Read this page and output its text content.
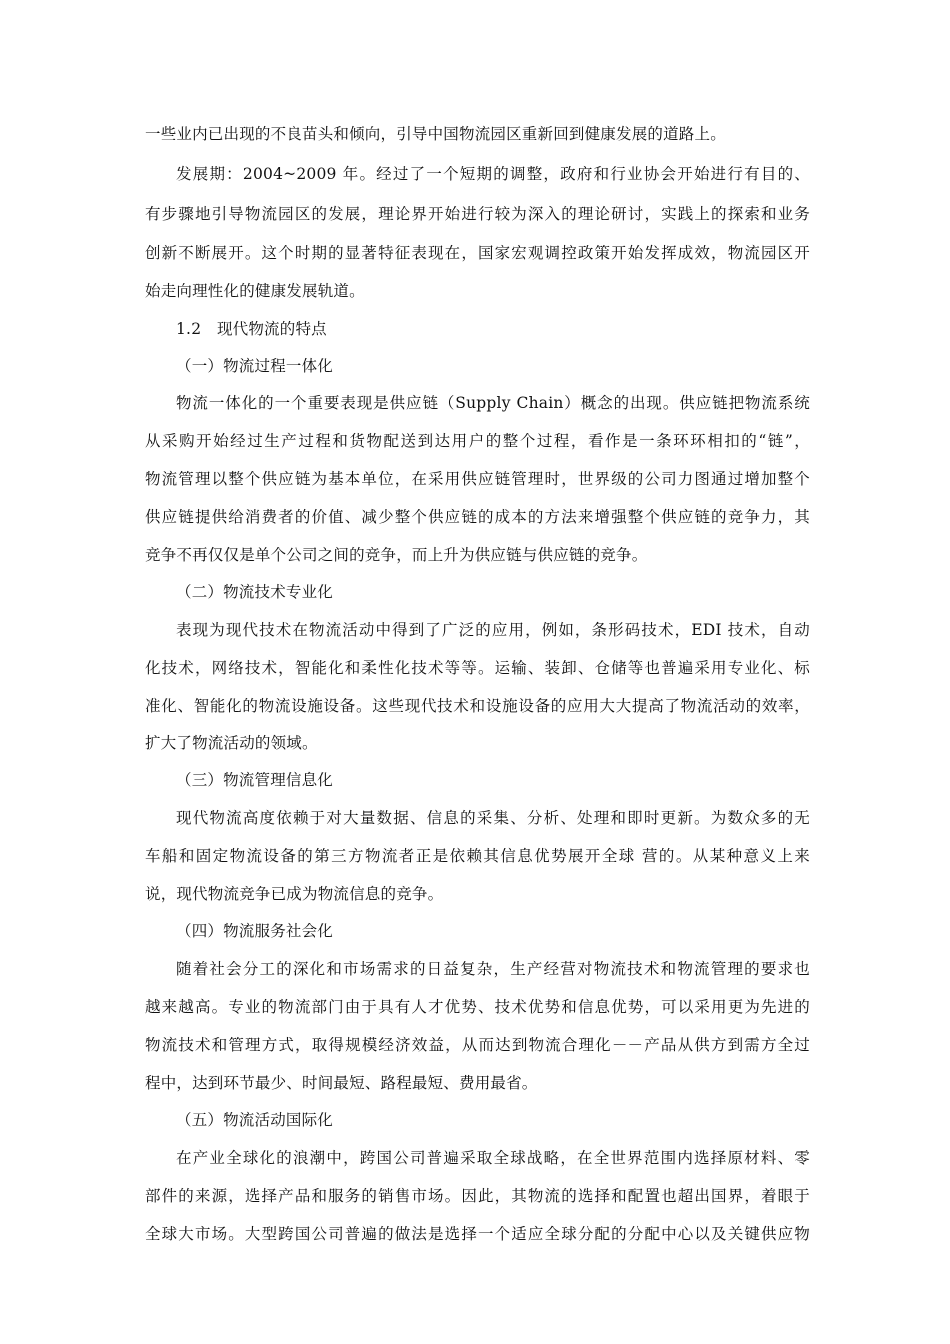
一些业内已出现的不良苗头和倾向，引导中国物流园区重新回到健康发展的道路上。
发展期：2004~2009 年。经过了一个短期的调整，政府和行业协会开始进行有目的、
有步骤地引导物流园区的发展，理论界开始进行较为深入的理论研讨，实践上的探索和业务
创新不断展开。这个时期的显著特征表现在，国家宏观调控政策开始发挥成效，物流园区开
始走向理性化的健康发展轨道。
1.2　现代物流的特点
（一）物流过程一体化
物流一体化的一个重要表现是供应链（Supply Chain）概念的出现。供应链把物流系统
从采购开始经过生产过程和货物配送到达用户的整个过程，看作是一条环环相扣的“链”，
物流管理以整个供应链为基本单位，在采用供应链管理时，世界级的公司力图通过增加整个
供应链提供给消费者的价值、减少整个供应链的成本的方法来增强整个供应链的竞争力，其
竞争不再仅仅是单个公司之间的竞争，而上升为供应链与供应链的竞争。
（二）物流技术专业化
表现为现代技术在物流活动中得到了广泛的应用，例如，条形码技术，EDI 技术，自动
化技术，网络技术，智能化和柔性化技术等等。运输、装卸、仓储等也普遍采用专业化、标
准化、智能化的物流设施设备。这些现代技术和设施设备的应用大大提高了物流活动的效率，
扩大了物流活动的领域。
（三）物流管理信息化
现代物流高度依赖于对大量数据、信息的采集、分析、处理和即时更新。为数众多的无
车船和固定物流设备的第三方物流者正是依赖其信息优势展开全球 营的。从某种意义上来
说，现代物流竞争已成为物流信息的竞争。
（四）物流服务社会化
随着社会分工的深化和市场需求的日益复杂，生产经营对物流技术和物流管理的要求也
越来越高。专业的物流部门由于具有人才优势、技术优势和信息优势，可以采用更为先进的
物流技术和管理方式，取得规模经济效益，从而达到物流合理化－－产品从供方到需方全过
程中，达到环节最少、时间最短、路程最短、费用最省。
（五）物流活动国际化
在产业全球化的浪潮中，跨国公司普遍采取全球战略，在全世界范围内选择原材料、零
部件的来源，选择产品和服务的销售市场。因此，其物流的选择和配置也超出国界，着眼于
全球大市场。大型跨国公司普遍的做法是选择一个适应全球分配的分配中心以及关键供应物
